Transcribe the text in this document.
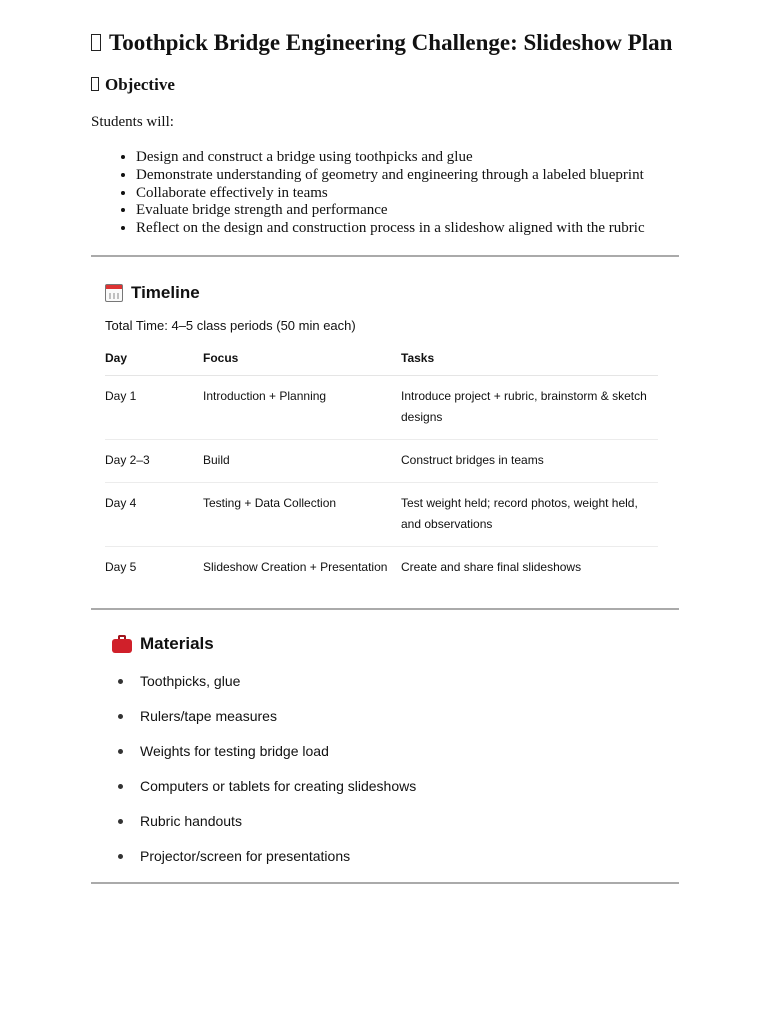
Toothpick Bridge Engineering Challenge: Slideshow Plan
Objective

Students will:

• Design and construct a bridge using toothpicks and glue
• Demonstrate understanding of geometry and engineering through a labeled blueprint
• Collaborate effectively in teams
• Evaluate bridge strength and performance
• Reflect on the design and construction process in a slideshow aligned with the rubric
Timeline
Total Time: 4–5 class periods (50 min each)
Day	Focus	Tasks
Day 1	Introduction + Planning	Introduce project + rubric, brainstorm & sketch designs
Day 2–3	Build	Construct bridges in teams
Day 4	Testing + Data Collection	Test weight held; record photos, weight held, and observations
Day 5	Slideshow Creation + Presentation	Create and share final slideshows
Materials
Toothpicks, glue
Rulers/tape measures
Weights for testing bridge load
Computers or tablets for creating slideshows
Rubric handouts
Projector/screen for presentations
